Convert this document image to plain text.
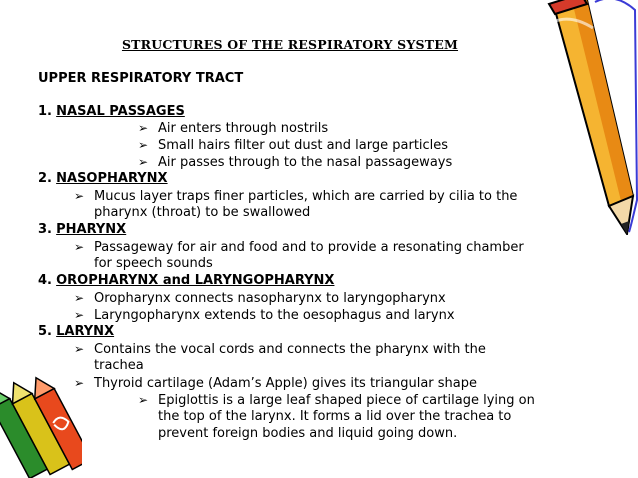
STRUCTURES OF THE RESPIRATORY SYSTEM
UPPER RESPIRATORY TRACT
1. NASAL PASSAGES
➢ Air enters through nostrils
➢ Small hairs filter out dust and large particles
➢ Air passes through to the nasal passageways
2. NASOPHARYNX
➢ Mucus layer traps finer particles, which are carried by cilia to the
pharynx (throat) to be swallowed
3. PHARYNX
➢ Passageway for air and food and to provide a resonating chamber
for speech sounds
4. OROPHARYNX and LARYNGOPHARYNX
➢ Oropharynx connects nasopharynx to laryngopharynx
➢ Laryngopharynx extends to the oesophagus and larynx
5. LARYNX
➢ Contains the vocal cords and connects the pharynx with the
trachea
➢ Thyroid cartilage (Adam’s Apple) gives its triangular shape
➢ Epiglottis is a large leaf shaped piece of cartilage lying on
the top of the larynx. It forms a lid over the trachea to
prevent foreign bodies and liquid going down.
